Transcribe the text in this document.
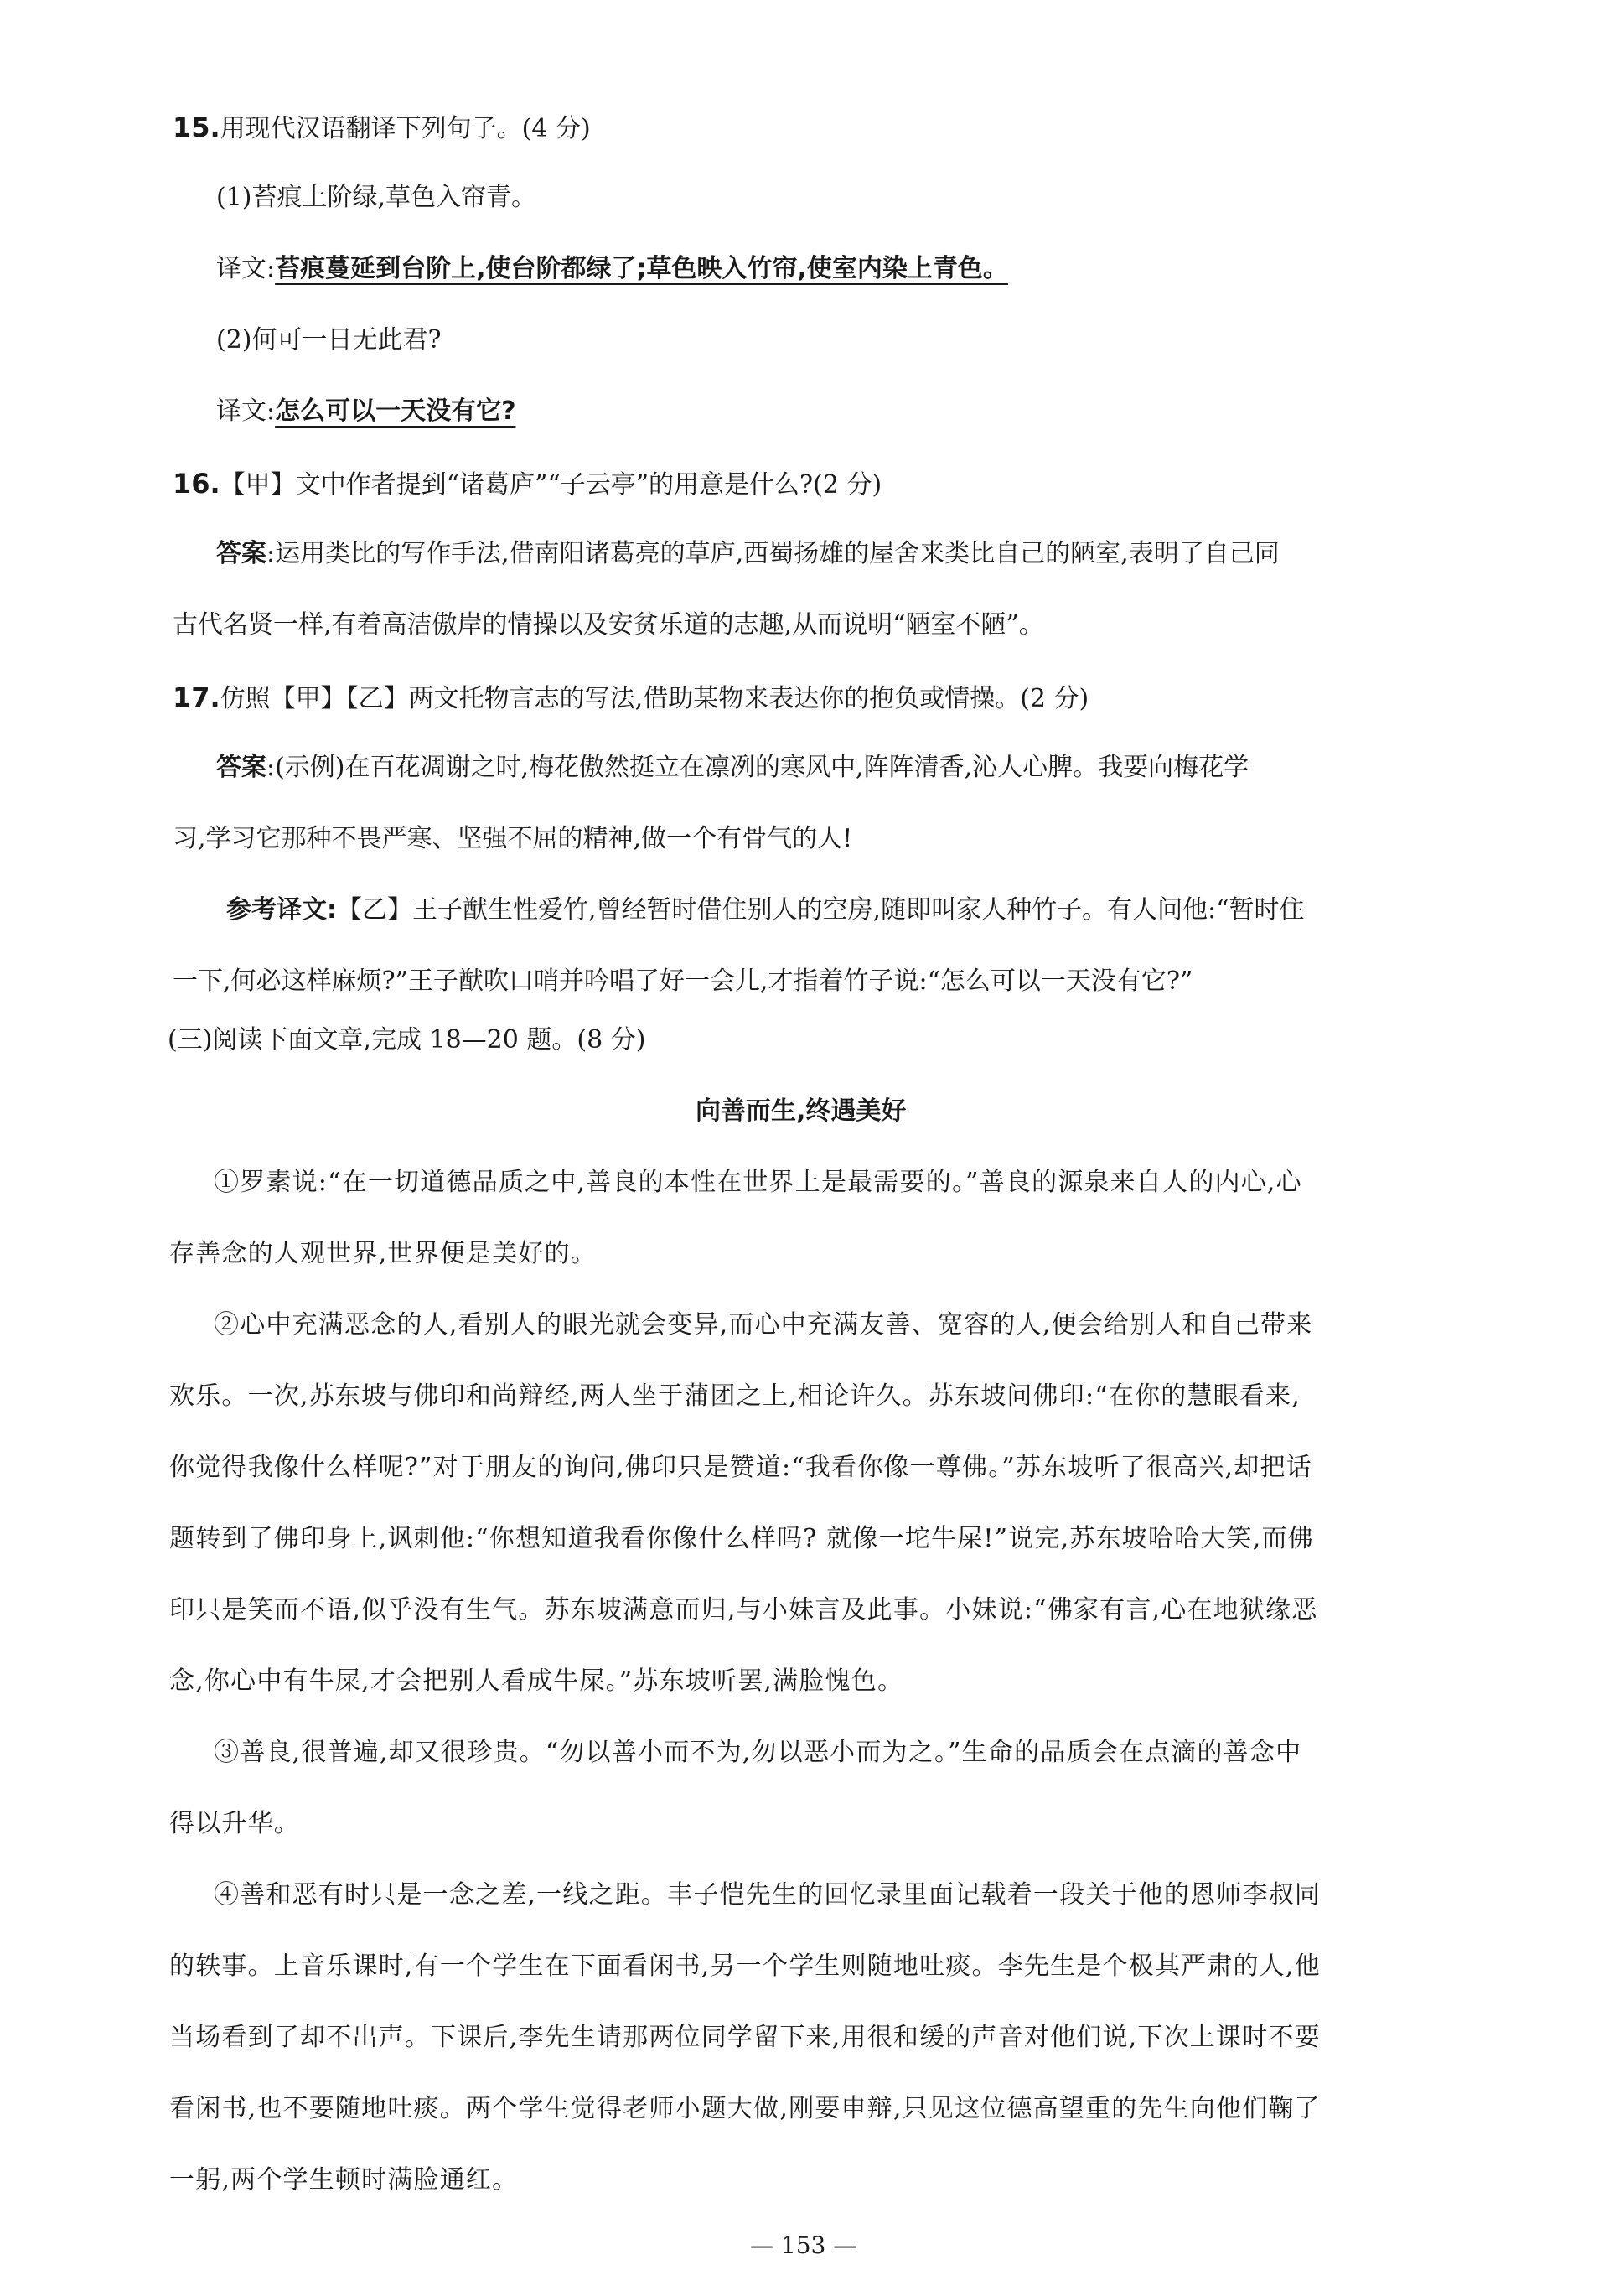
15.用现代汉语翻译下列句子。(4 分)
(1)苔痕上阶绿,草色入帘青。
译文:苔痕蔓延到台阶上,使台阶都绿了;草色映入竹帘,使室内染上青色。
(2)何可一日无此君?
译文:怎么可以一天没有它?
16.【甲】文中作者提到“诸葛庐”“子云亭”的用意是什么?(2 分)
答案:运用类比的写作手法,借南阳诸葛亮的草庐,西蜀扬雄的屋舍来类比自己的陋室,表明了自己同
古代名贤一样,有着高洁傲岸的情操以及安贫乐道的志趣,从而说明“陋室不陋”。
17.仿照【甲】【乙】两文托物言志的写法,借助某物来表达你的抱负或情操。(2 分)
答案:(示例)在百花凋谢之时,梅花傲然挺立在凛冽的寒风中,阵阵清香,沁人心脾。我要向梅花学
习,学习它那种不畏严寒、坚强不屈的精神,做一个有骨气的人!
参考译文:【乙】王子猷生性爱竹,曾经暂时借住别人的空房,随即叫家人种竹子。有人问他:“暂时住
一下,何必这样麻烦?”王子猷吹口哨并吟唱了好一会儿,才指着竹子说:“怎么可以一天没有它?”
(三)阅读下面文章,完成 18—20 题。(8 分)
向善而生,终遇美好
①罗素说:“在一切道德品质之中,善良的本性在世界上是最需要的。”善良的源泉来自人的内心,心
存善念的人观世界,世界便是美好的。
②心中充满恶念的人,看别人的眼光就会变异,而心中充满友善、宽容的人,便会给别人和自己带来
欢乐。一次,苏东坡与佛印和尚辩经,两人坐于蒲团之上,相论许久。苏东坡问佛印:“在你的慧眼看来,
你觉得我像什么样呢?”对于朋友的询问,佛印只是赞道:“我看你像一尊佛。”苏东坡听了很高兴,却把话
题转到了佛印身上,讽刺他:“你想知道我看你像什么样吗? 就像一坨牛屎!”说完,苏东坡哈哈大笑,而佛
印只是笑而不语,似乎没有生气。苏东坡满意而归,与小妹言及此事。小妹说:“佛家有言,心在地狱缘恶
念,你心中有牛屎,才会把别人看成牛屎。”苏东坡听罢,满脸愧色。
③善良,很普遍,却又很珍贵。“勿以善小而不为,勿以恶小而为之。”生命的品质会在点滴的善念中
得以升华。
④善和恶有时只是一念之差,一线之距。丰子恺先生的回忆录里面记载着一段关于他的恩师李叔同
的轶事。上音乐课时,有一个学生在下面看闲书,另一个学生则随地吐痰。李先生是个极其严肃的人,他
当场看到了却不出声。下课后,李先生请那两位同学留下来,用很和缓的声音对他们说,下次上课时不要
看闲书,也不要随地吐痰。两个学生觉得老师小题大做,刚要申辩,只见这位德高望重的先生向他们鞠了
一躬,两个学生顿时满脸通红。
— 153 —
